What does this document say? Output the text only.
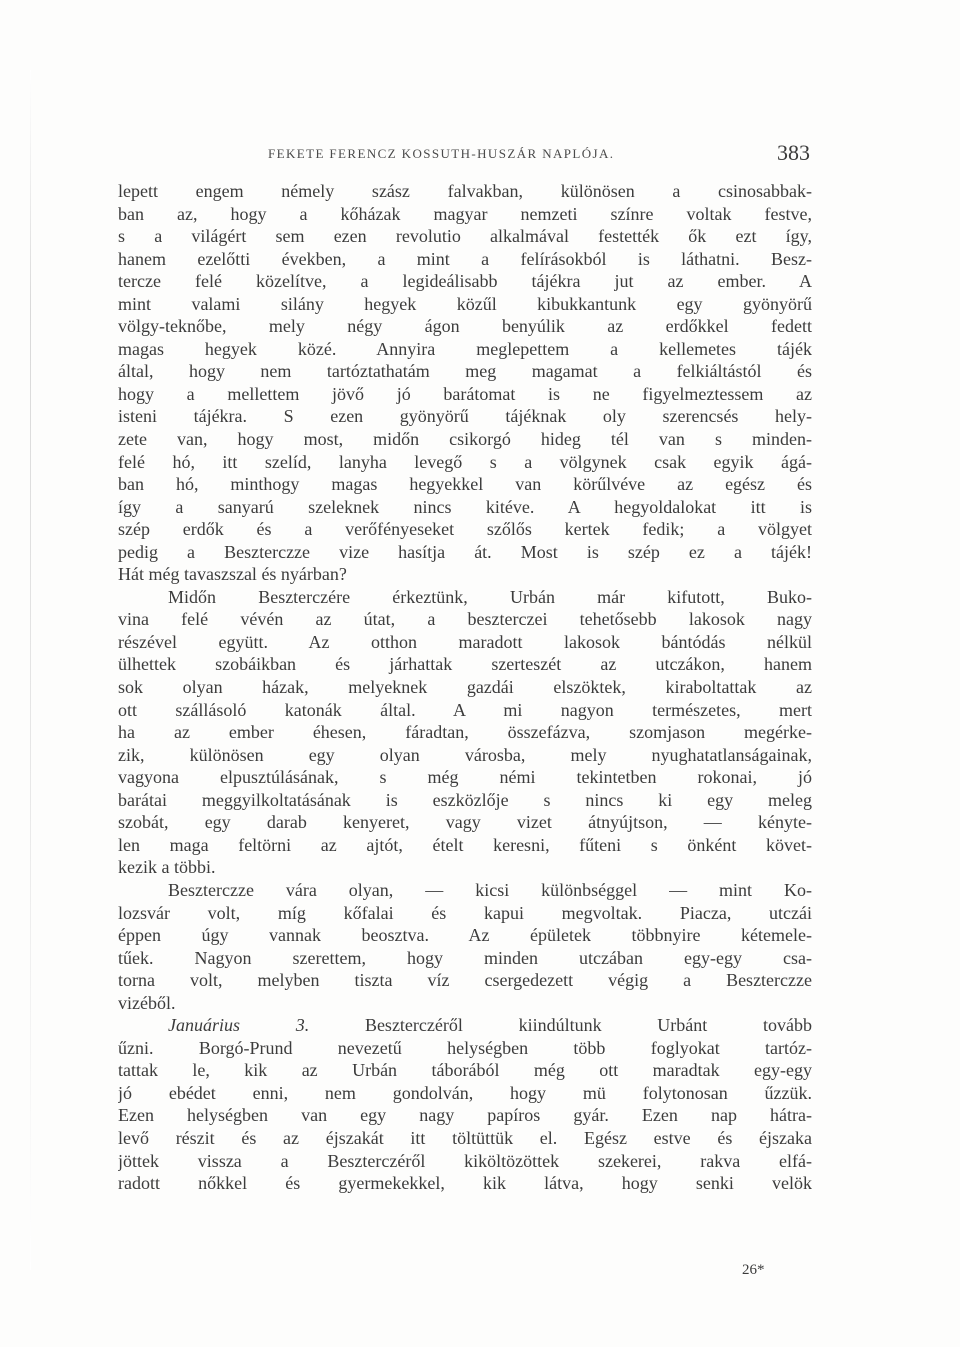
FEKETE FERENCZ KOSSUTH-HUSZÁR NAPLÓJA.	383
lepett engem némely szász falvakban, különösen a csinosabbak-
ban az, hogy a kőházak magyar nemzeti színre voltak festve,
s a világért sem ezen revolutio alkalmával festették ők ezt így,
hanem ezelőtti években, a mint a felírásokból is láthatni. Besz-
tercze felé közelítve, a legideálisabb tájékra jut az ember. A
mint valami silány hegyek közűl kibukkantunk egy gyönyörű
völgy-teknőbe, mely négy ágon benyúlik az erdőkkel fedett
magas hegyek közé. Annyira meglepettem a kellemetes tájék
által, hogy nem tartóztathatám meg magamat a felkiáltástól és
hogy a mellettem jövő jó barátomat is ne figyelmeztessem az
isteni tájékra. S ezen gyönyörű tájéknak oly szerencsés hely-
zete van, hogy most, midőn csikorgó hideg tél van s minden-
felé hó, itt szelíd, lanyha levegő s a völgynek csak egyik ágá-
ban hó, minthogy magas hegyekkel van körűlvéve az egész és
így a sanyarú szeleknek nincs kitéve. A hegyoldalokat itt is
szép erdők és a verőfényeseket szőlős kertek fedik; a völgyet
pedig a Beszterczze vize hasítja át. Most is szép ez a tájék!
Hát még tavaszszal és nyárban?
Midőn Beszterczére érkeztünk, Urbán már kifutott, Buko-
vina felé vévén az útat, a beszterczei tehetősebb lakosok nagy
részével együtt. Az otthon maradott lakosok bántódás nélkül
ülhettek szobáikban és járhattak szerteszét az utczákon, hanem
sok olyan házak, melyeknek gazdái elszöktek, kiraboltattak az
ott szállásoló katonák által. A mi nagyon természetes, mert
ha az ember éhesen, fáradtan, összefázva, szomjason megérke-
zik, különösen egy olyan városba, mely nyughatatlanságainak,
vagyona elpusztúlásának, s még némi tekintetben rokonai, jó
barátai meggyilkoltatásának is eszközlője s nincs ki egy meleg
szobát, egy darab kenyeret, vagy vizet átnyújtson, — kényte-
len maga feltörni az ajtót, ételt keresni, fűteni s önként követ-
kezik a többi.
Beszterczze vára olyan, — kicsi különbséggel — mint Ko-
lozsvár volt, míg kőfalai és kapui megvoltak. Piacza, utczái
éppen úgy vannak beosztva. Az épületek többnyire kétemele-
tűek. Nagyon szerettem, hogy minden utczában egy-egy csa-
torna volt, melyben tiszta víz csergedezett végig a Beszterczze
vizéből.
Januárius 3.	Beszterczéről kiindúltunk Urbánt tovább
űzni. Borgó-Prund nevezetű helységben több foglyokat tartóz-
tattak le, kik az Urbán táborából még ott maradtak egy-egy
jó ebédet enni, nem gondolván, hogy mü folytonosan űzzük.
Ezen helységben van egy nagy papíros gyár. Ezen nap hátra-
levő részit és az éjszakát itt töltüttük el. Egész estve és éjszaka
jöttek vissza a Beszterczéről kiköltözöttek szekerei, rakva elfá-
radott nőkkel és gyermekekkel, kik látva, hogy senki velök
26*
